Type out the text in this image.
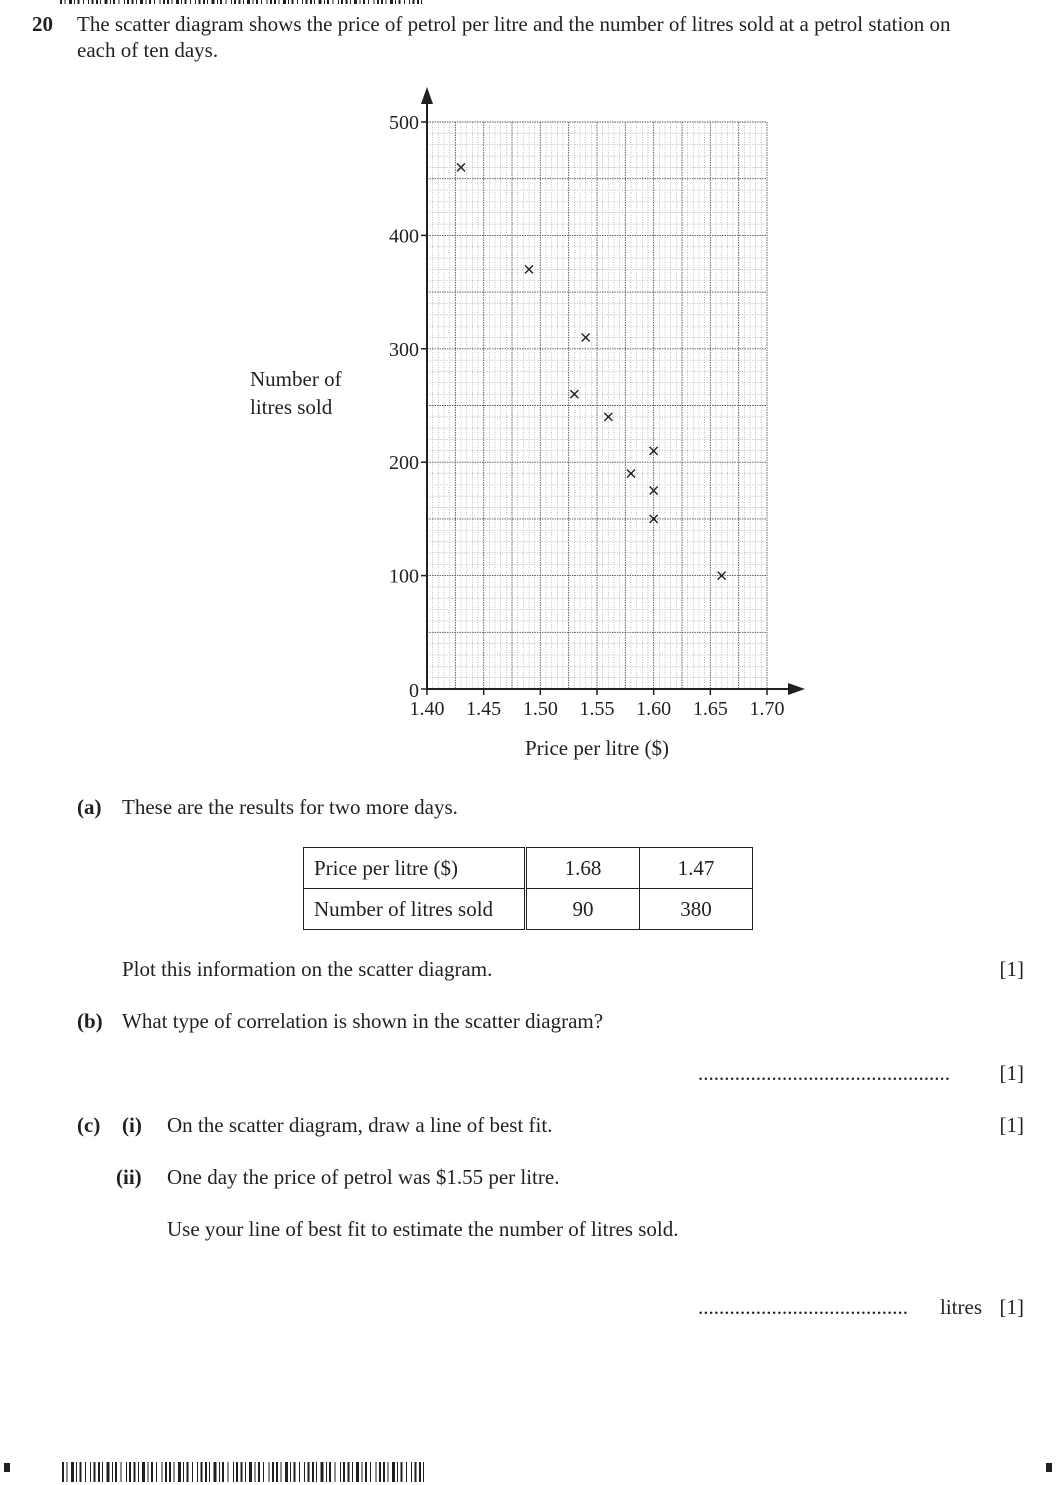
20 The scatter diagram shows the price of petrol per litre and the number of litres sold at a petrol station on
each of ten days.
Number of
litres sold
0
100
200
300
400
500
1.40 1.45 1.50 1.55 1.60 1.65 1.70
Price per litre ($)
(a) These are the results for two more days.
Price per litre ($)	1.68	1.47
Number of litres sold	90	380
Plot this information on the scatter diagram.	[1]
(b) What type of correlation is shown in the scatter diagram?
................................................ [1]
(c) (i) On the scatter diagram, draw a line of best fit.	[1]
(ii) One day the price of petrol was $1.55 per litre.
Use your line of best fit to estimate the number of litres sold.
........................................ litres [1]
